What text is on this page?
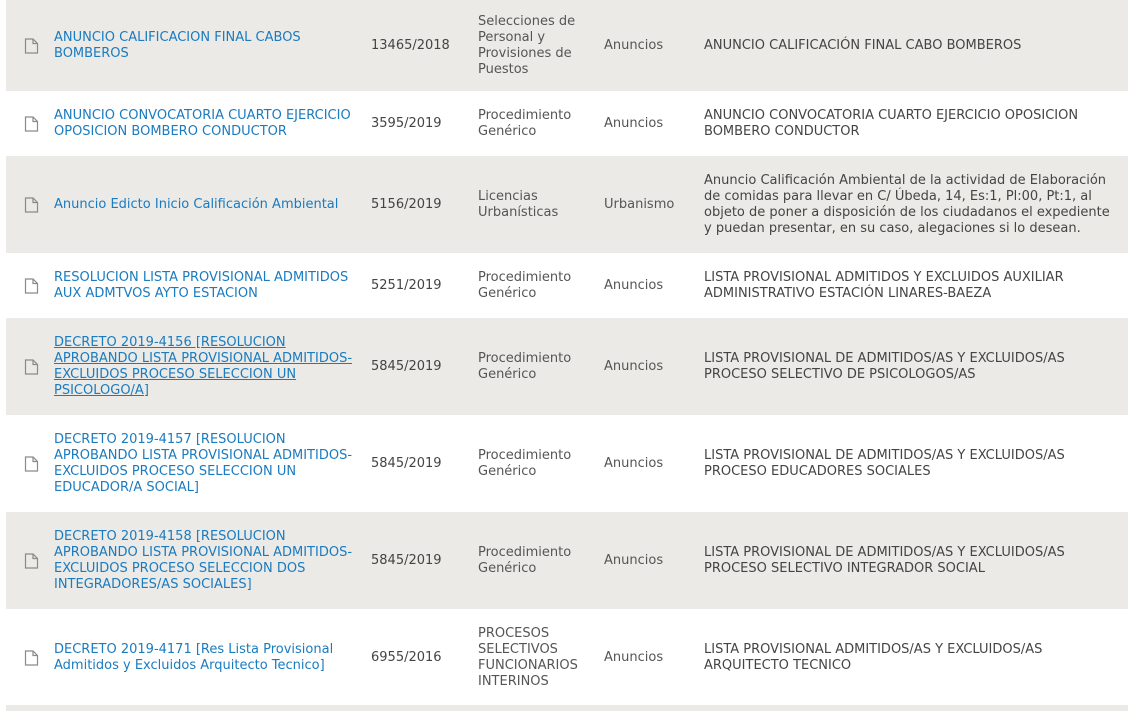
ANUNCIO CALIFICACION FINAL CABOS BOMBEROS
13465/2018
Selecciones de Personal y Provisiones de Puestos
Anuncios	ANUNCIO CALIFICACIÓN FINAL CABO BOMBEROS
ANUNCIO CONVOCATORIA CUARTO EJERCICIO OPOSICION BOMBERO CONDUCTOR
3595/2019
Procedimiento Genérico
Anuncios
ANUNCIO CONVOCATORIA CUARTO EJERCICIO OPOSICION BOMBERO CONDUCTOR
Anuncio Edicto Inicio Calificación Ambiental	5156/2019
Licencias Urbanísticas
Urbanismo
Anuncio Calificación Ambiental de la actividad de Elaboración de comidas para llevar en C/ Úbeda, 14, Es:1, Pl:00, Pt:1, al objeto de poner a disposición de los ciudadanos el expediente y puedan presentar, en su caso, alegaciones si lo desean.
RESOLUCION LISTA PROVISIONAL ADMITIDOS AUX ADMTVOS AYTO ESTACION
5251/2019
Procedimiento Genérico
Anuncios
LISTA PROVISIONAL ADMITIDOS Y EXCLUIDOS AUXILIAR ADMINISTRATIVO ESTACIÓN LINARES-BAEZA
DECRETO 2019-4156 [RESOLUCION APROBANDO LISTA PROVISIONAL ADMITIDOS-EXCLUIDOS PROCESO SELECCION UN PSICOLOGO/A]
5845/2019
Procedimiento Genérico
Anuncios
LISTA PROVISIONAL DE ADMITIDOS/AS Y EXCLUIDOS/AS PROCESO SELECTIVO DE PSICOLOGOS/AS
DECRETO 2019-4157 [RESOLUCION APROBANDO LISTA PROVISIONAL ADMITIDOS-EXCLUIDOS PROCESO SELECCION UN EDUCADOR/A SOCIAL]
5845/2019
Procedimiento Genérico
Anuncios
LISTA PROVISIONAL DE ADMITIDOS/AS Y EXCLUIDOS/AS PROCESO EDUCADORES SOCIALES
DECRETO 2019-4158 [RESOLUCION APROBANDO LISTA PROVISIONAL ADMITIDOS-EXCLUIDOS PROCESO SELECCION DOS INTEGRADORES/AS SOCIALES]
5845/2019
Procedimiento Genérico
Anuncios
LISTA PROVISIONAL DE ADMITIDOS/AS Y EXCLUIDOS/AS PROCESO SELECTIVO INTEGRADOR SOCIAL
DECRETO 2019-4171 [Res Lista Provisional Admitidos y Excluidos Arquitecto Tecnico]
6955/2016
PROCESOS SELECTIVOS FUNCIONARIOS INTERINOS
Anuncios
LISTA PROVISIONAL ADMITIDOS/AS Y EXCLUIDOS/AS ARQUITECTO TECNICO
